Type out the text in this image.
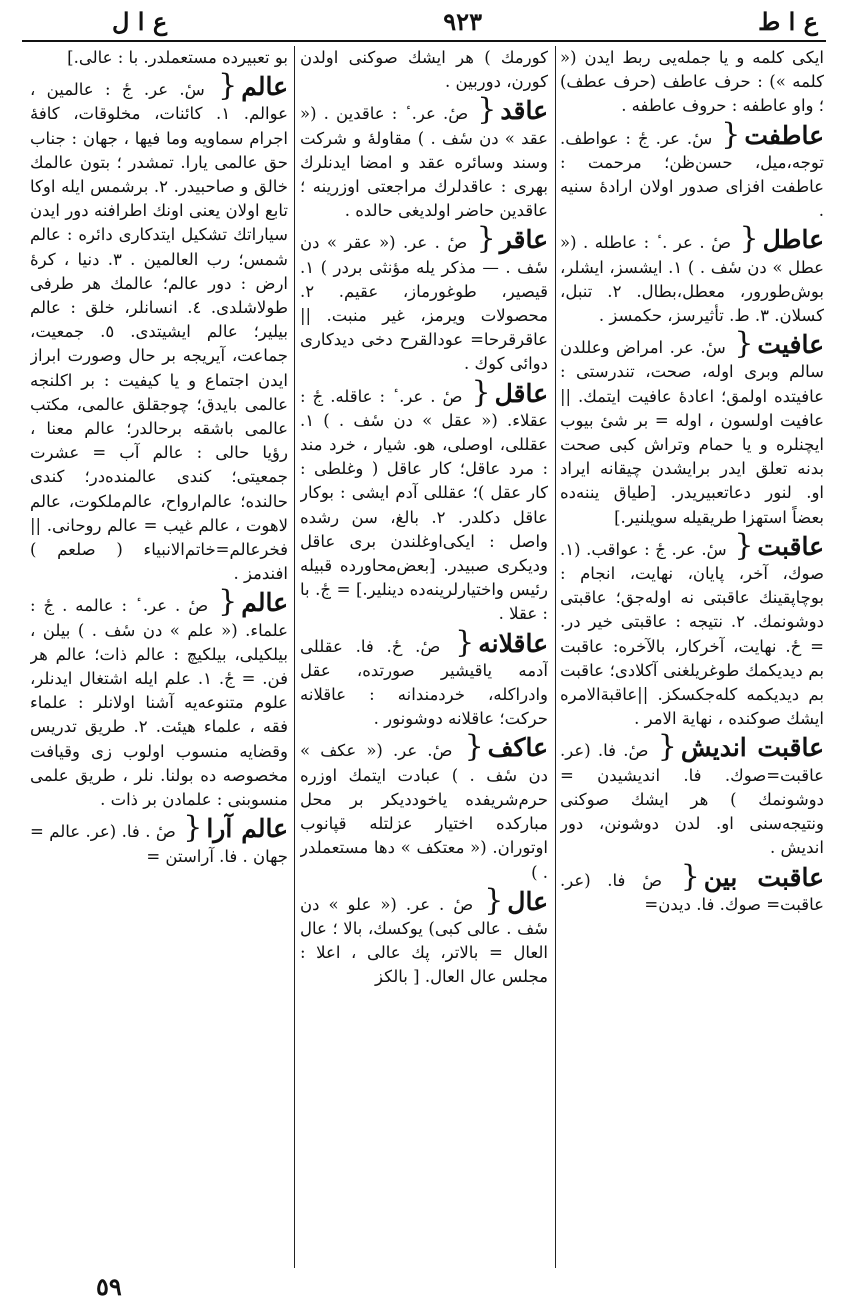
ع ا ل	٩٢٣	ع ا ط

ایکی کلمه و یا جمله‌یی ربط ایدن (« کلمه ») : حرف عاطف (حرف عطف) ؛ واو عاطفه : حروف عاطفه .

عاطفت{ سٔ. عر. جٔ : عواطف. توجه،میل، حسن‌ظن؛ مرحمت : عاطفت افزای صدور اولان ارادهٔ سنیه .

عاطل{ صٔ . عر . ٔ : عاطله . (« عطل » دن سٔف . ) ١. ایشسز، ایشلر، بوش‌طورور، معطل،بطال. ٢. تنبل، کسلان. ٣. ط. تأثیرسز، حکمسز .

عافیت{ سٔ. عر. امراض وعللدن سالم وبری اوله، صحت، تندرستی : عافیتده اولمق؛ اعادهٔ عافیت ایتمك. || عافیت اولسون ، اوله = بر شیٔ بیوب ایچنلره و یا حمام وتراش کبی صحت بدنه تعلق ایدر برایشدن چیقانه ایراد او. لنور دعاتعبیریدر. [طیاق یننه‌ده بعضاً استهزا طریقیله سویلنیر.]

عاقبت{ سٔ. عر. جٔ : عواقب. (١. صوك، آخر، پایان، نهایت، انجام : بوچاپقینك عاقبتی نه اوله‌جق؛ عاقبتی دوشونمك. ٢. نتیجه : عاقبتی خیر در. = حٔ. نهایت، آخرکار، بالآخره: عاقبت بم دیدیکمك طوغریلغنی آکلادی؛ عاقبت بم دیدیکمه کله‌جکسکز. ||عاقبة‌الامره‌ ایشك صوکنده ، نهایة الامر .

عاقبت اندیش{ صٔ. فا. (عر. عاقبت=صوك. فا. اندیشیدن = دوشونمك ) هر ایشك صوکنی ونتیجه‌سنی او. لدن دوشونن، دور اندیش .

عاقبت بین{ صٔ فا. (عر. عاقبت= صوك. فا. دیدن=

کورمك ) هر ایشك صوکنی اولدن کورن، دوربین .

عاقد{ صٔ. عر. ٔ : عاقدین . (« عقد » دن سٔف . ) مقاولهٔ و شرکت وسند وسائره عقد و امضا ایدنلرك بهری : عاقدلرك مراجعتی اوزرینه ؛ عاقدین حاضر اولدیغی حالده .

عاقر{ صٔ . عر. (« عقر » دن سٔف . — مذکر یله مؤنثی بردر ) ١. قیصیر، طوغورماز، عقیم. ٢. محصولات ویرمز، غیر منبت. || عاقرقرحا= عودالقرح دخی دیدکاری دوائی کوك .

عاقل{ صٔ . عر. ٔ : عاقله. جٔ : عقلاء. (« عقل » دن سٔف . ) ١. عقللی، اوصلی، هو. شیار ، خرد مند : مرد عاقل؛ کار عاقل ( وغلطی : کار عقل )؛ عقللی آدم ایشی : بوکار عاقل دکلدر. ٢. بالغ، سن رشده واصل : ایکی‌اوغلندن بری عاقل ودیکری صبیدر. [بعض‌محاورده قبیله رئیس واختیارلرینه‌ده دینلیر.] = جٔ. با : عقلا .

عاقلانه{ صٔ. حٔ. فا. عقللی آدمه یاقیشیر صورتده، عقل وادراکله، خردمندانه : عاقلانه حرکت؛ عاقلانه دوشونور .

عاکف{ صٔ. عر. (« عکف » دن سٔف . ) عبادت ایتمك اوزره حرم‌شریفده یاخوددیکر بر محل مبارکده اختیار عزلتله قپانوب اوتوران. (« معتکف » دها مستعملدر . )

عال{ صٔ . عر. (« علو » دن سٔف . عالی کبی) یوکسك، بالا ؛ عال العال = بالاتر، پك عالی ، اعلا : مجلس عال العال. [ بالکز

بو تعبیرده مستعملدر. با : عالی.]

عالم{ سٔ. عر. جٔ : عالمین ، عوالم. ١. کائنات، مخلوقات، کافهٔ اجرام سماویه وما فیها ، جهان : جناب حق عالمی یارا. تمشدر ؛ بتون عالمك خالق و صاحبیدر. ٢. برشمس ایله اوکا تابع اولان یعنی اونك اطرافنه دور ایدن سیاراتك تشکیل ایتدکاری دائره : عالم شمس؛ رب العالمین . ٣. دنیا ، کرهٔ ارض : دور عالم؛ عالمك هر طرفی طولاشلدی. ٤. انسانلر، خلق : عالم بیلیر؛ عالم ایشیتدی. ٥. جمعیت، جماعت، آیریجه بر حال وصورت ابراز ایدن اجتماع و یا کیفیت : بر اکلنجه عالمی بایدق؛ چوجقلق عالمی، مکتب عالمی باشقه برحالدر؛ عالم معنا ، رؤیا حالی : عالم آب = عشرت جمعیتی؛ کندی عالمنده‌در؛ کندی حالنده؛ عالم‌ارواح، عالم‌ملکوت، عالم لاهوت ، عالم غیب = عالم روحانی. || فخرعالم=خاتم‌الانبیاء ( صلعم ) افندمز .

عالم{ صٔ . عر. ٔ : عالمه . جٔ : علماء. (« علم » دن سٔف . ) بیلن ، بیلکیلی، بیلکیچ : عالم ذات؛ عالم هر فن. = جٔ. ١. علم ایله اشتغال ایدنلر، علوم متنوعه‌یه آشنا اولانلر : علماء فقه ، علماء هیئت. ٢. طریق تدریس وقضایه منسوب اولوب زی وقیافت مخصوصه ده بولنا. نلر ، طریق علمی منسوبنی : علمادن بر ذات .

عالم آرا{ صٔ . فا. (عر. عالم = جهان . فا. آراستن =

٥٩
